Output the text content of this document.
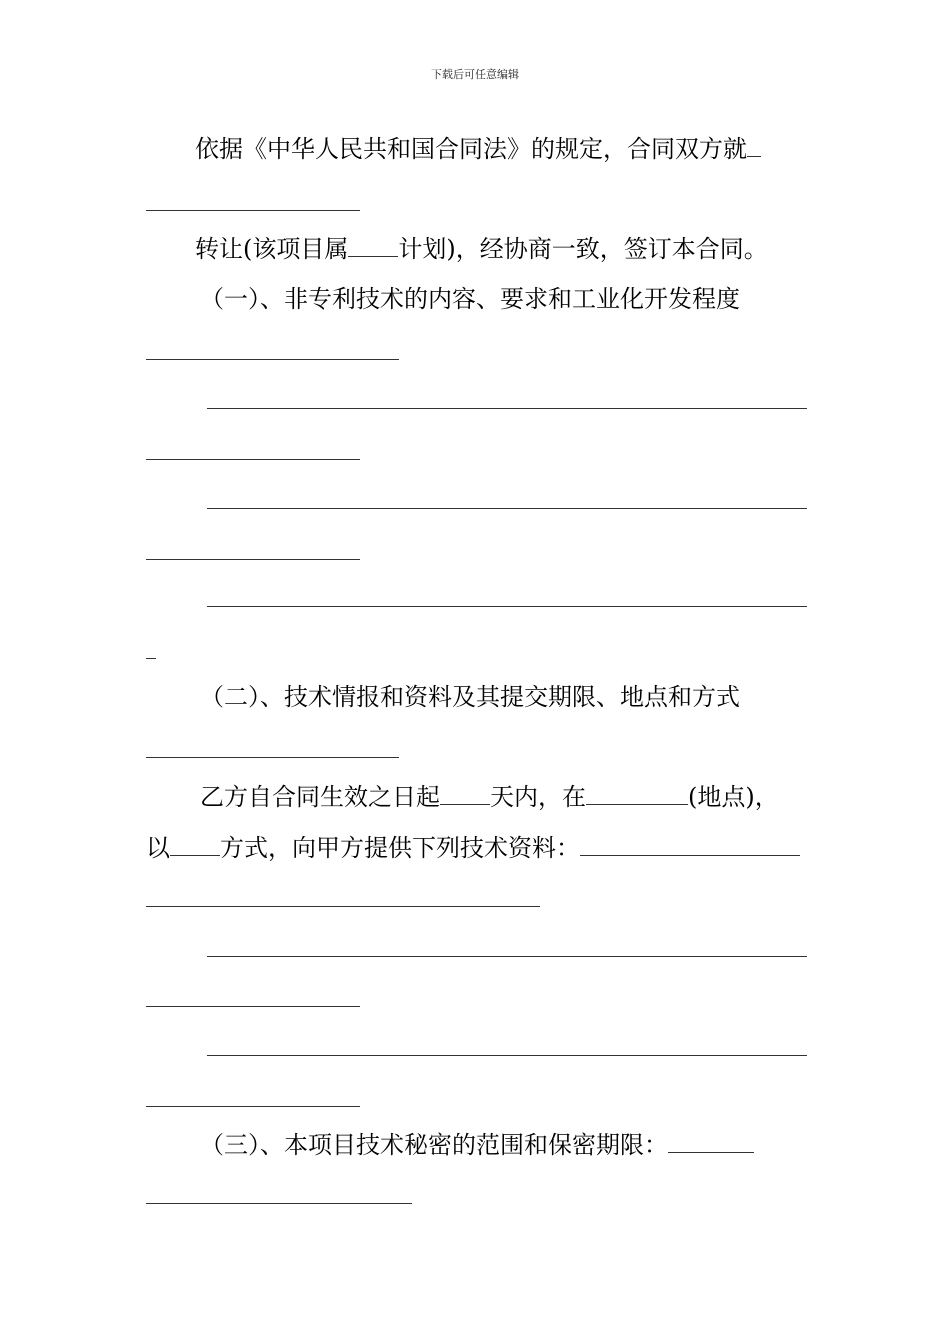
下载后可任意编辑
依据《中华人民共和国合同法》的规定，合同双方就
转让(该项目属 计划)，经协商一致，签订本合同。
（一）、非专利技术的内容、要求和工业化开发程度
（二）、技术情报和资料及其提交期限、地点和方式
乙方自合同生效之日起 天内，在	(地点)，
以 方式，向甲方提供下列技术资料：
（三）、本项目技术秘密的范围和保密期限：
